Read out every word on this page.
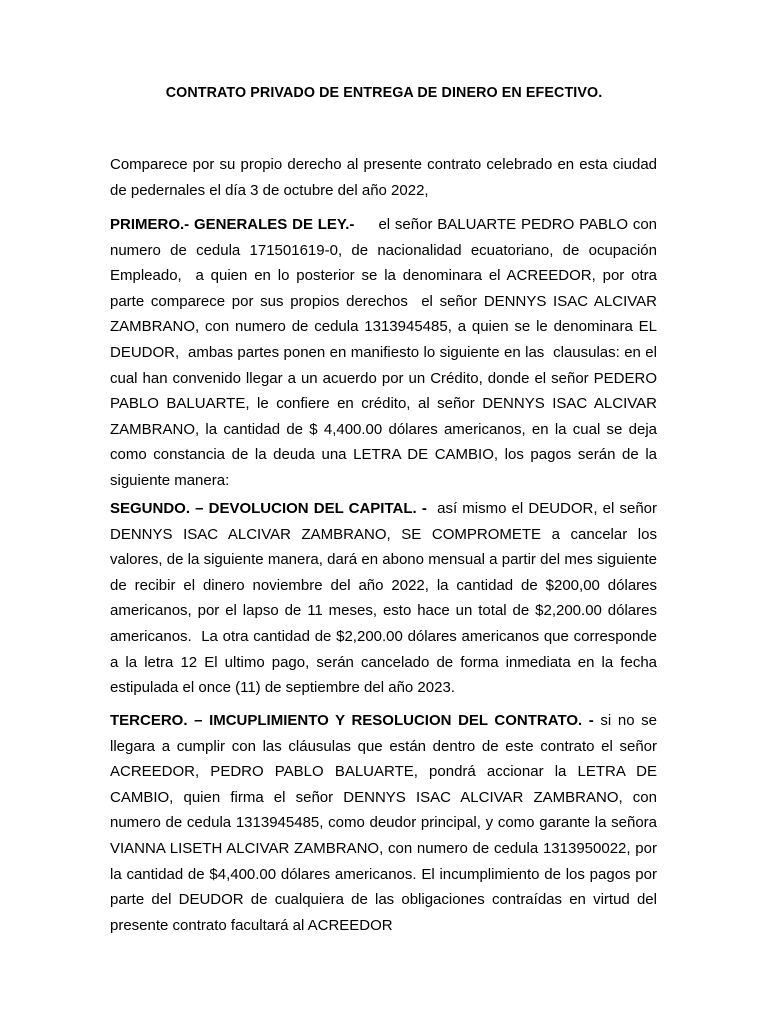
CONTRATO PRIVADO DE ENTREGA DE DINERO EN EFECTIVO.

Comparece por su propio derecho al presente contrato celebrado en esta ciudad de pedernales el día 3 de octubre del año 2022,

PRIMERO.- GENERALES DE LEY.-     el señor BALUARTE PEDRO PABLO con numero de cedula 171501619-0, de nacionalidad ecuatoriano, de ocupación Empleado,  a quien en lo posterior se la denominara el ACREEDOR, por otra parte comparece por sus propios derechos  el señor DENNYS ISAC ALCIVAR ZAMBRANO, con numero de cedula 1313945485, a quien se le denominara EL DEUDOR,  ambas partes ponen en manifiesto lo siguiente en las  clausulas: en el cual han convenido llegar a un acuerdo por un Crédito, donde el señor PEDERO PABLO BALUARTE, le confiere en crédito, al señor DENNYS ISAC ALCIVAR ZAMBRANO, la cantidad de $ 4,400.00 dólares americanos, en la cual se deja como constancia de la deuda una LETRA DE CAMBIO, los pagos serán de la siguiente manera:

SEGUNDO. – DEVOLUCION DEL CAPITAL. -  así mismo el DEUDOR, el señor DENNYS ISAC ALCIVAR ZAMBRANO, SE COMPROMETE a cancelar los valores, de la siguiente manera, dará en abono mensual a partir del mes siguiente de recibir el dinero noviembre del año 2022, la cantidad de $200,00 dólares americanos, por el lapso de 11 meses, esto hace un total de $2,200.00 dólares americanos.  La otra cantidad de $2,200.00 dólares americanos que corresponde a la letra 12 El ultimo pago, serán cancelado de forma inmediata en la fecha estipulada el once (11) de septiembre del año 2023.

TERCERO. – IMCUPLIMIENTO Y RESOLUCION DEL CONTRATO. - si no se llegara a cumplir con las cláusulas que están dentro de este contrato el señor ACREEDOR, PEDRO PABLO BALUARTE, pondrá accionar la LETRA DE CAMBIO, quien firma el señor DENNYS ISAC ALCIVAR ZAMBRANO, con numero de cedula 1313945485, como deudor principal, y como garante la señora VIANNA LISETH ALCIVAR ZAMBRANO, con numero de cedula 1313950022, por la cantidad de $4,400.00 dólares americanos. El incumplimiento de los pagos por parte del DEUDOR de cualquiera de las obligaciones contraídas en virtud del presente contrato facultará al ACREEDOR
